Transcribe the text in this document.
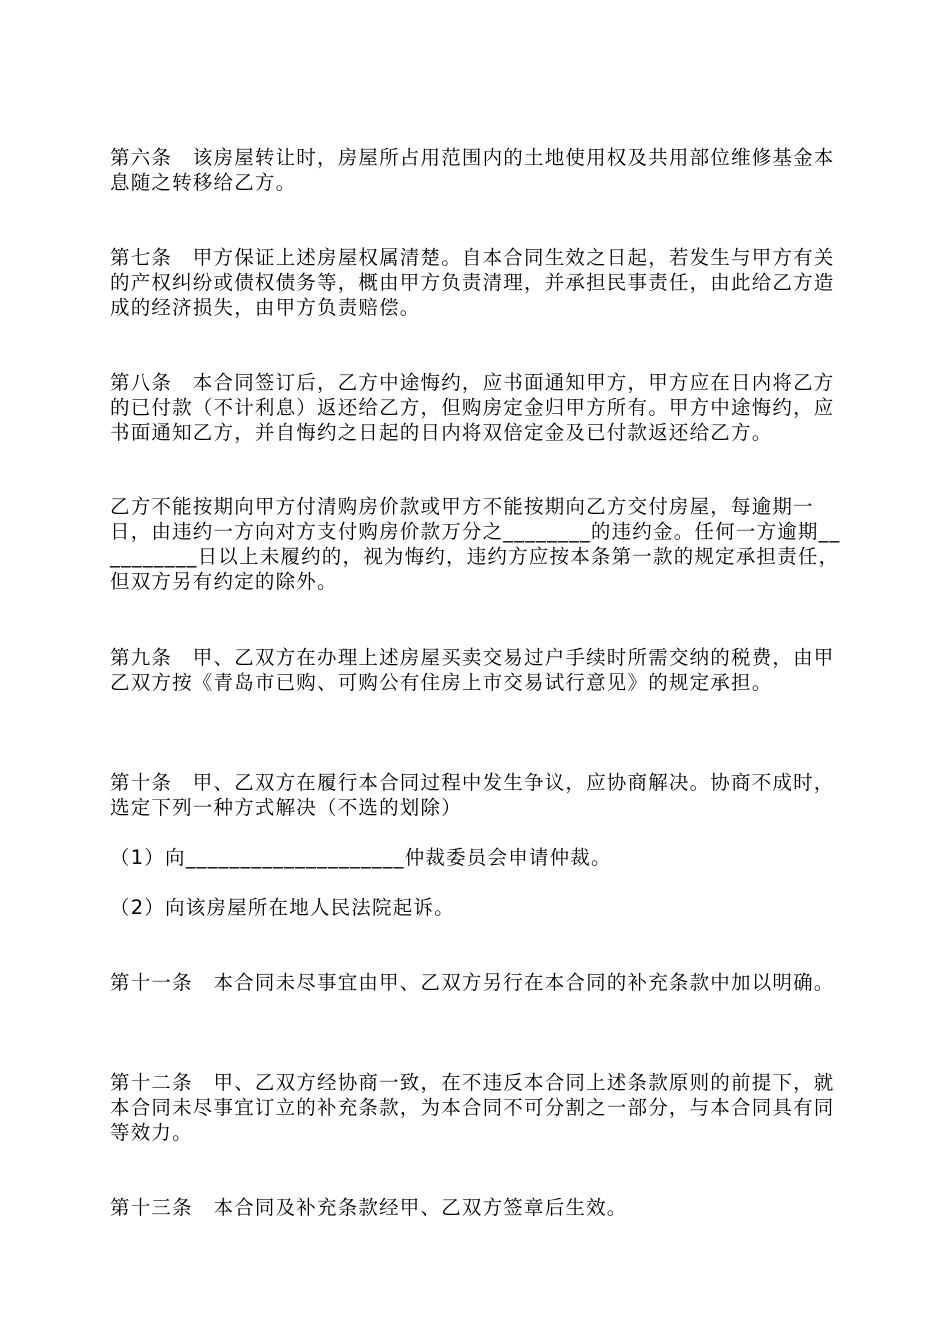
第六条　该房屋转让时，房屋所占用范围内的土地使用权及共用部位维修基金本息随之转移给乙方。

第七条　甲方保证上述房屋权属清楚。自本合同生效之日起，若发生与甲方有关的产权纠纷或债权债务等，概由甲方负责清理，并承担民事责任，由此给乙方造成的经济损失，由甲方负责赔偿。

第八条　本合同签订后，乙方中途悔约，应书面通知甲方，甲方应在日内将乙方的已付款（不计利息）返还给乙方，但购房定金归甲方所有。甲方中途悔约，应书面通知乙方，并自悔约之日起的日内将双倍定金及已付款返还给乙方。

乙方不能按期向甲方付清购房价款或甲方不能按期向乙方交付房屋，每逾期一日，由违约一方向对方支付购房价款万分之________的违约金。任何一方逾期__________日以上未履约的，视为悔约，违约方应按本条第一款的规定承担责任，但双方另有约定的除外。

第九条　甲、乙双方在办理上述房屋买卖交易过户手续时所需交纳的税费，由甲乙双方按《青岛市已购、可购公有住房上市交易试行意见》的规定承担。

第十条　甲、乙双方在履行本合同过程中发生争议，应协商解决。协商不成时，选定下列一种方式解决（不选的划除）

（1）向____________________仲裁委员会申请仲裁。

（2）向该房屋所在地人民法院起诉。

第十一条　本合同未尽事宜由甲、乙双方另行在本合同的补充条款中加以明确。

第十二条　甲、乙双方经协商一致，在不违反本合同上述条款原则的前提下，就本合同未尽事宜订立的补充条款，为本合同不可分割之一部分，与本合同具有同等效力。

第十三条　本合同及补充条款经甲、乙双方签章后生效。
